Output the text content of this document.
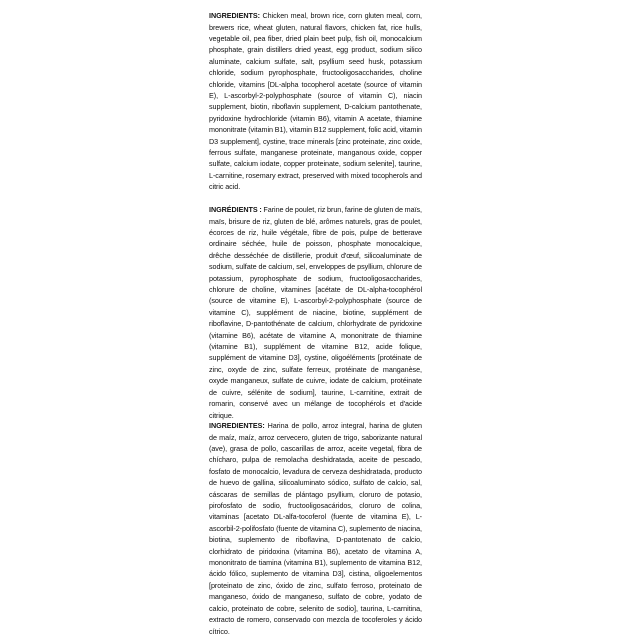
INGREDIENTS: Chicken meal, brown rice, corn gluten meal, corn, brewers rice, wheat gluten, natural flavors, chicken fat, rice hulls, vegetable oil, pea fiber, dried plain beet pulp, fish oil, monocalcium phosphate, grain distillers dried yeast, egg product, sodium silico aluminate, calcium sulfate, salt, psyllium seed husk, potassium chloride, sodium pyrophosphate, fructooligosaccharides, choline chloride, vitamins [DL-alpha tocopherol acetate (source of vitamin E), L-ascorbyl-2-polyphosphate (source of vitamin C), niacin supplement, biotin, riboflavin supplement, D-calcium pantothenate, pyridoxine hydrochloride (vitamin B6), vitamin A acetate, thiamine mononitrate (vitamin B1), vitamin B12 supplement, folic acid, vitamin D3 supplement], cystine, trace minerals [zinc proteinate, zinc oxide, ferrous sulfate, manganese proteinate, manganous oxide, copper sulfate, calcium iodate, copper proteinate, sodium selenite], taurine, L-carnitine, rosemary extract, preserved with mixed tocopherols and citric acid.

INGRÉDIENTS : Farine de poulet, riz brun, farine de gluten de maïs, maïs, brisure de riz, gluten de blé, arômes naturels, gras de poulet, écorces de riz, huile végétale, fibre de pois, pulpe de betterave ordinaire séchée, huile de poisson, phosphate monocalcique, drêche desséchée de distillerie, produit d'œuf, silicoaluminate de sodium, sulfate de calcium, sel, enveloppes de psyllium, chlorure de potassium, pyrophosphate de sodium, fructooligosaccharides, chlorure de choline, vitamines [acétate de DL-alpha-tocophérol (source de vitamine E), L-ascorbyl-2-polyphosphate (source de vitamine C), supplément de niacine, biotine, supplément de riboflavine, D-pantothénate de calcium, chlorhydrate de pyridoxine (vitamine B6), acétate de vitamine A, mononitrate de thiamine (vitamine B1), supplément de vitamine B12, acide folique, supplément de vitamine D3], cystine, oligoéléments [protéinate de zinc, oxyde de zinc, sulfate ferreux, protéinate de manganèse, oxyde manganeux, sulfate de cuivre, iodate de calcium, protéinate de cuivre, sélénite de sodium], taurine, L-carnitine, extrait de romarin, conservé avec un mélange de tocophérols et d'acide citrique.

INGREDIENTES: Harina de pollo, arroz integral, harina de gluten de maíz, maíz, arroz cervecero, gluten de trigo, saborizante natural (ave), grasa de pollo, cascarillas de arroz, aceite vegetal, fibra de chícharo, pulpa de remolacha deshidratada, aceite de pescado, fosfato de monocalcio, levadura de cerveza deshidratada, producto de huevo de gallina, silicoaluminato sódico, sulfato de calcio, sal, cáscaras de semillas de plántago psyllium, cloruro de potasio, pirofosfato de sodio, fructooligosacáridos, cloruro de colina, vitaminas [acetato DL-alfa-tocoferol (fuente de vitamina E), L-ascorbil-2-polifosfato (fuente de vitamina C), suplemento de niacina, biotina, suplemento de riboflavina, D-pantotenato de calcio, clorhidrato de piridoxina (vitamina B6), acetato de vitamina A, mononitrato de tiamina (vitamina B1), suplemento de vitamina B12, ácido fólico, suplemento de vitamina D3], cistina, oligoelementos [proteinato de zinc, óxido de zinc, sulfato ferroso, proteinato de manganeso, óxido de manganeso, sulfato de cobre, yodato de calcio, proteinato de cobre, selenito de sodio], taurina, L-carnitina, extracto de romero, conservado con mezcla de tocoferoles y ácido cítrico.
